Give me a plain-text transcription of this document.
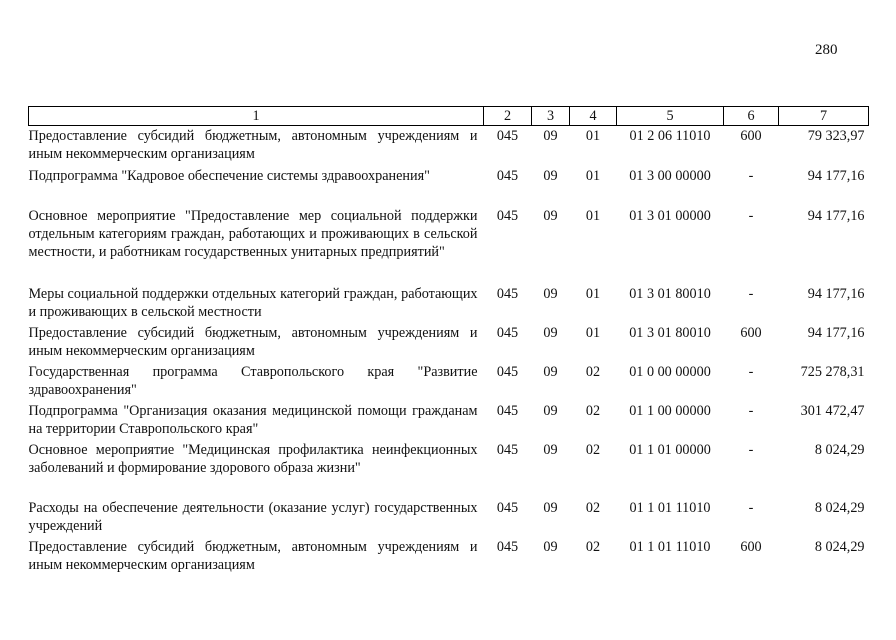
280
1	2	3	4	5	6	7
Предоставление субсидий бюджетным, автономным учреждениям и иным некоммерческим организациям	045	09	01	01 2 06 11010	600	79 323,97
Подпрограмма "Кадровое обеспечение системы здравоохранения"	045	09	01	01 3 00 00000	-	94 177,16
Основное мероприятие "Предоставление мер социальной поддержки отдельным категориям граждан, работающих и проживающих в сельской местности, и работникам государственных унитарных предприятий"	045	09	01	01 3 01 00000	-	94 177,16
Меры социальной поддержки отдельных категорий граждан, работающих и проживающих в сельской местности	045	09	01	01 3 01 80010	-	94 177,16
Предоставление субсидий бюджетным, автономным учреждениям и иным некоммерческим организациям	045	09	01	01 3 01 80010	600	94 177,16
Государственная программа Ставропольского края "Развитие здравоохранения"	045	09	02	01 0 00 00000	-	725 278,31
Подпрограмма "Организация оказания медицинской помощи гражданам на территории Ставропольского края"	045	09	02	01 1 00 00000	-	301 472,47
Основное мероприятие "Медицинская профилактика неинфекционных заболеваний и формирование здорового образа жизни"	045	09	02	01 1 01 00000	-	8 024,29
Расходы на обеспечение деятельности (оказание услуг) государственных учреждений	045	09	02	01 1 01 11010	-	8 024,29
Предоставление субсидий бюджетным, автономным учреждениям и иным некоммерческим организациям	045	09	02	01 1 01 11010	600	8 024,29
